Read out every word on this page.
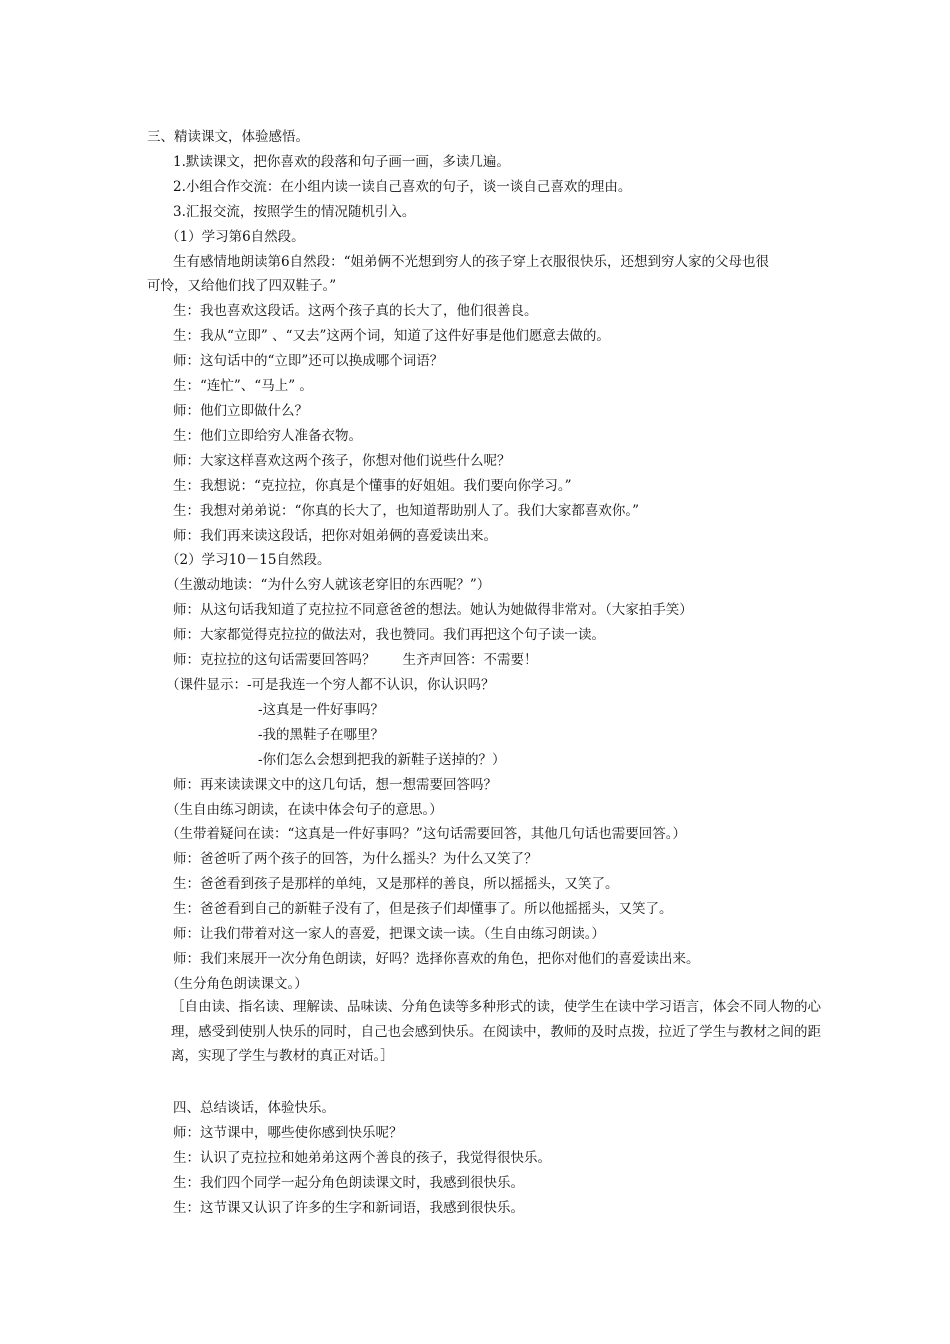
三、精读课文，体验感悟。
1.默读课文，把你喜欢的段落和句子画一画，多读几遍。
2.小组合作交流：在小组内读一读自己喜欢的句子，谈一谈自己喜欢的理由。
3.汇报交流，按照学生的情况随机引入。
（1）学习第6自然段。
生有感情地朗读第6自然段：“姐弟俩不光想到穷人的孩子穿上衣服很快乐，还想到穷人家的父母也很
可怜，又给他们找了四双鞋子。”
生：我也喜欢这段话。这两个孩子真的长大了，他们很善良。
生：我从“立即” 、“又去”这两个词，知道了这件好事是他们愿意去做的。
师：这句话中的“立即”还可以换成哪个词语？
生：“连忙”、“马上” 。
师：他们立即做什么？
生：他们立即给穷人准备衣物。
师：大家这样喜欢这两个孩子，你想对他们说些什么呢？
生：我想说：“克拉拉，你真是个懂事的好姐姐。我们要向你学习。”
生：我想对弟弟说：“你真的长大了，也知道帮助别人了。我们大家都喜欢你。”
师：我们再来读这段话，把你对姐弟俩的喜爱读出来。
（2）学习10－15自然段。
（生激动地读：“为什么穷人就该老穿旧的东西呢？”）
师：从这句话我知道了克拉拉不同意爸爸的想法。她认为她做得非常对。（大家拍手笑）
师：大家都觉得克拉拉的做法对，我也赞同。我们再把这个句子读一读。
师：克拉拉的这句话需要回答吗？　　生齐声回答：不需要！
（课件显示：-可是我连一个穷人都不认识，你认识吗？
-这真是一件好事吗？
-我的黑鞋子在哪里？
-你们怎么会想到把我的新鞋子送掉的？）
师：再来读读课文中的这几句话，想一想需要回答吗？
（生自由练习朗读，在读中体会句子的意思。）
（生带着疑问在读：“这真是一件好事吗？”这句话需要回答，其他几句话也需要回答。）
师：爸爸听了两个孩子的回答，为什么摇头？为什么又笑了？
生：爸爸看到孩子是那样的单纯，又是那样的善良，所以摇摇头，又笑了。
生：爸爸看到自己的新鞋子没有了，但是孩子们却懂事了。所以他摇摇头，又笑了。
师：让我们带着对这一家人的喜爱，把课文读一读。（生自由练习朗读。）
师：我们来展开一次分角色朗读，好吗？选择你喜欢的角色，把你对他们的喜爱读出来。
（生分角色朗读课文。）
［自由读、指名读、理解读、品味读、分角色读等多种形式的读，使学生在读中学习语言，体会不同人物的心理，感受到使别人快乐的同时，自己也会感到快乐。在阅读中，教师的及时点拨，拉近了学生与教材之间的距离，实现了学生与教材的真正对话。］
四、总结谈话，体验快乐。
师：这节课中，哪些使你感到快乐呢？
生：认识了克拉拉和她弟弟这两个善良的孩子，我觉得很快乐。
生：我们四个同学一起分角色朗读课文时，我感到很快乐。
生：这节课又认识了许多的生字和新词语，我感到很快乐。
